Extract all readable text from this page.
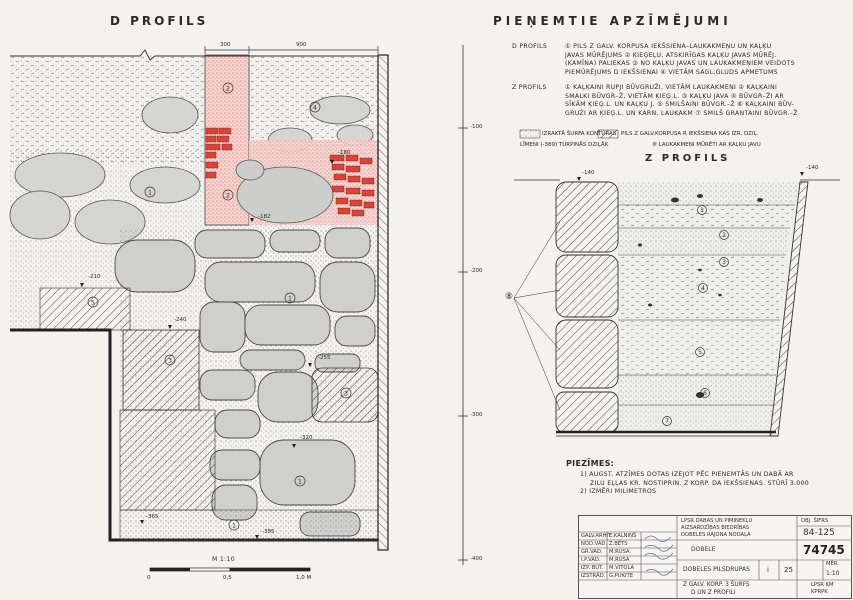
1
2
2
4
1
3
3
1
1
5
1
2
3
4
5
6
7
D PROFILS	PIEŅEMTIE APZĪMĒJUMI
Z PROFILS
300	900
-182
-180
-210
-240
-255
-320
-365
-385
-140
-140
-100
-200
-300
-400
M 1:10
0	0,5	1,0 M
⑧
D PROFILS	① PILS Z GALV. KORPUSA IEKŠSIENA–LAUKAKMEŅU UN KAĻĶU
JAVAS MŪRĒJUMS ② ĶIEĢEĻU, ATSKIRĪGAS KAĻĶU JAVAS MŪRĒJ.
(KAMĪNA) PALIEKAS ③ NO KAĻĶU JAVAS UN LAUKAKMEŅIEM VEIDOTS
PIEMŪRĒJUMS D IEKŠSIENAI ④ VIETĀM SAGL.GLUDS APMETUMS
Z PROFILS	① KAĻĶAINI RUPJI BŪVGRUŽI, VIETĀM LAUKAKMEŅI ② KAĻĶAINI
SMALKI BŪVGR–Ž, VIETĀM ĶIEĢ.L. ③ KAĻĶU JAVA ④ BŪVGR–ŽI AR
SĪKĀM ĶIEĢ.L. UN KAĻĶU J. ⑤ SMILŠAINI BŪVGR.–Ž ⑥ KAĻĶAINI BŪV-
GRUŽI AR ĶIEĢ.L. UN KARN. LAUKAKM ⑦ SMILŠ GRANTAINI BŪVGR.–Ž
IZRAKTĀ ŠURFA KONTŪRAS PILS Z GALV.KORPUSA R IEKŠSIENA KAS IZR. DZIĻ.
LĪMENI (-389) TURPINĀS DZIĻĀK	⑧ LAUKAKMEŅI MŪRĒTI AR KAĻĶU JAVU
PIEZĪMES:
1) AUGST. ATZĪMES DOTAS IZEJOT PĒC PIEŅEMTĀS UN DABĀ AR
ZILU EĻĻAS KR. NOSTIPRIN. Z KORP. DA IEKŠSIENAS. STŪRĪ 3.000
2) IZMĒRI MILIMETROS
LPSR DABAS UN PIMINEKĻU
AIZSARDZĪBAS BIEDRĪBAS
DOBELES RAJONA NODAĻA
OBJ. ŠIFRS
84-125
74745
DOBELE
DOBELES PILSDRUPAS i 25
MĒR.
1:10
Z GALV. KORP. 3 ŠURFS
D UN Z PROFILI
LPSR KM
KPRPK
GALV.ARHIT.
E.KALNIŅŠ
NOD.VAD. Z.BĒTS
GR.VAD. M.RUSA
I.P.VAD. M.RUSA
IZP. BUT. M.VITOLA
IZSTRĀD. G.PUKITE
